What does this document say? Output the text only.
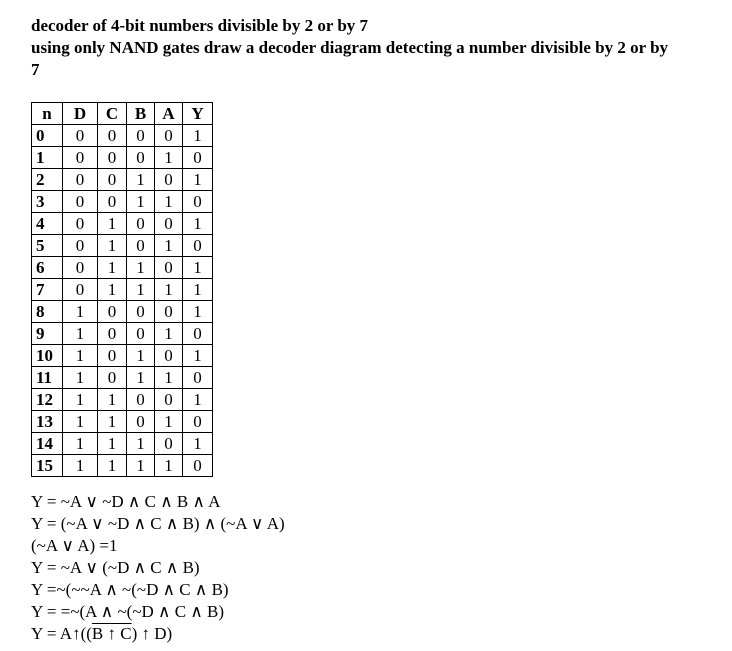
decoder of 4-bit numbers divisible by 2 or by 7

using only NAND gates draw a decoder diagram detecting a number divisible by 2 or by

7

n	D	C	B	A	Y
0	0	0	0	0	1
1	0	0	0	1	0
2	0	0	1	0	1
3	0	0	1	1	0
4	0	1	0	0	1
5	0	1	0	1	0
6	0	1	1	0	1
7	0	1	1	1	1
8	1	0	0	0	1
9	1	0	0	1	0
10	1	0	1	0	1
11	1	0	1	1	0
12	1	1	0	0	1
13	1	1	0	1	0
14	1	1	1	0	1
15	1	1	1	1	0
Y = ~A ∨ ~D ∧ C ∧ B ∧ A
Y = (~A ∨ ~D ∧ C ∧ B) ∧ (~A ∨ A)
(~A ∨ A) =1
Y = ~A ∨ (~D ∧ C ∧ B)
Y =~(~~A ∧ ~(~D ∧ C ∧ B)
Y = =~(A ∧ ~(~D ∧ C ∧ B)
Y = A↑((B ↑ C) ↑ D)
